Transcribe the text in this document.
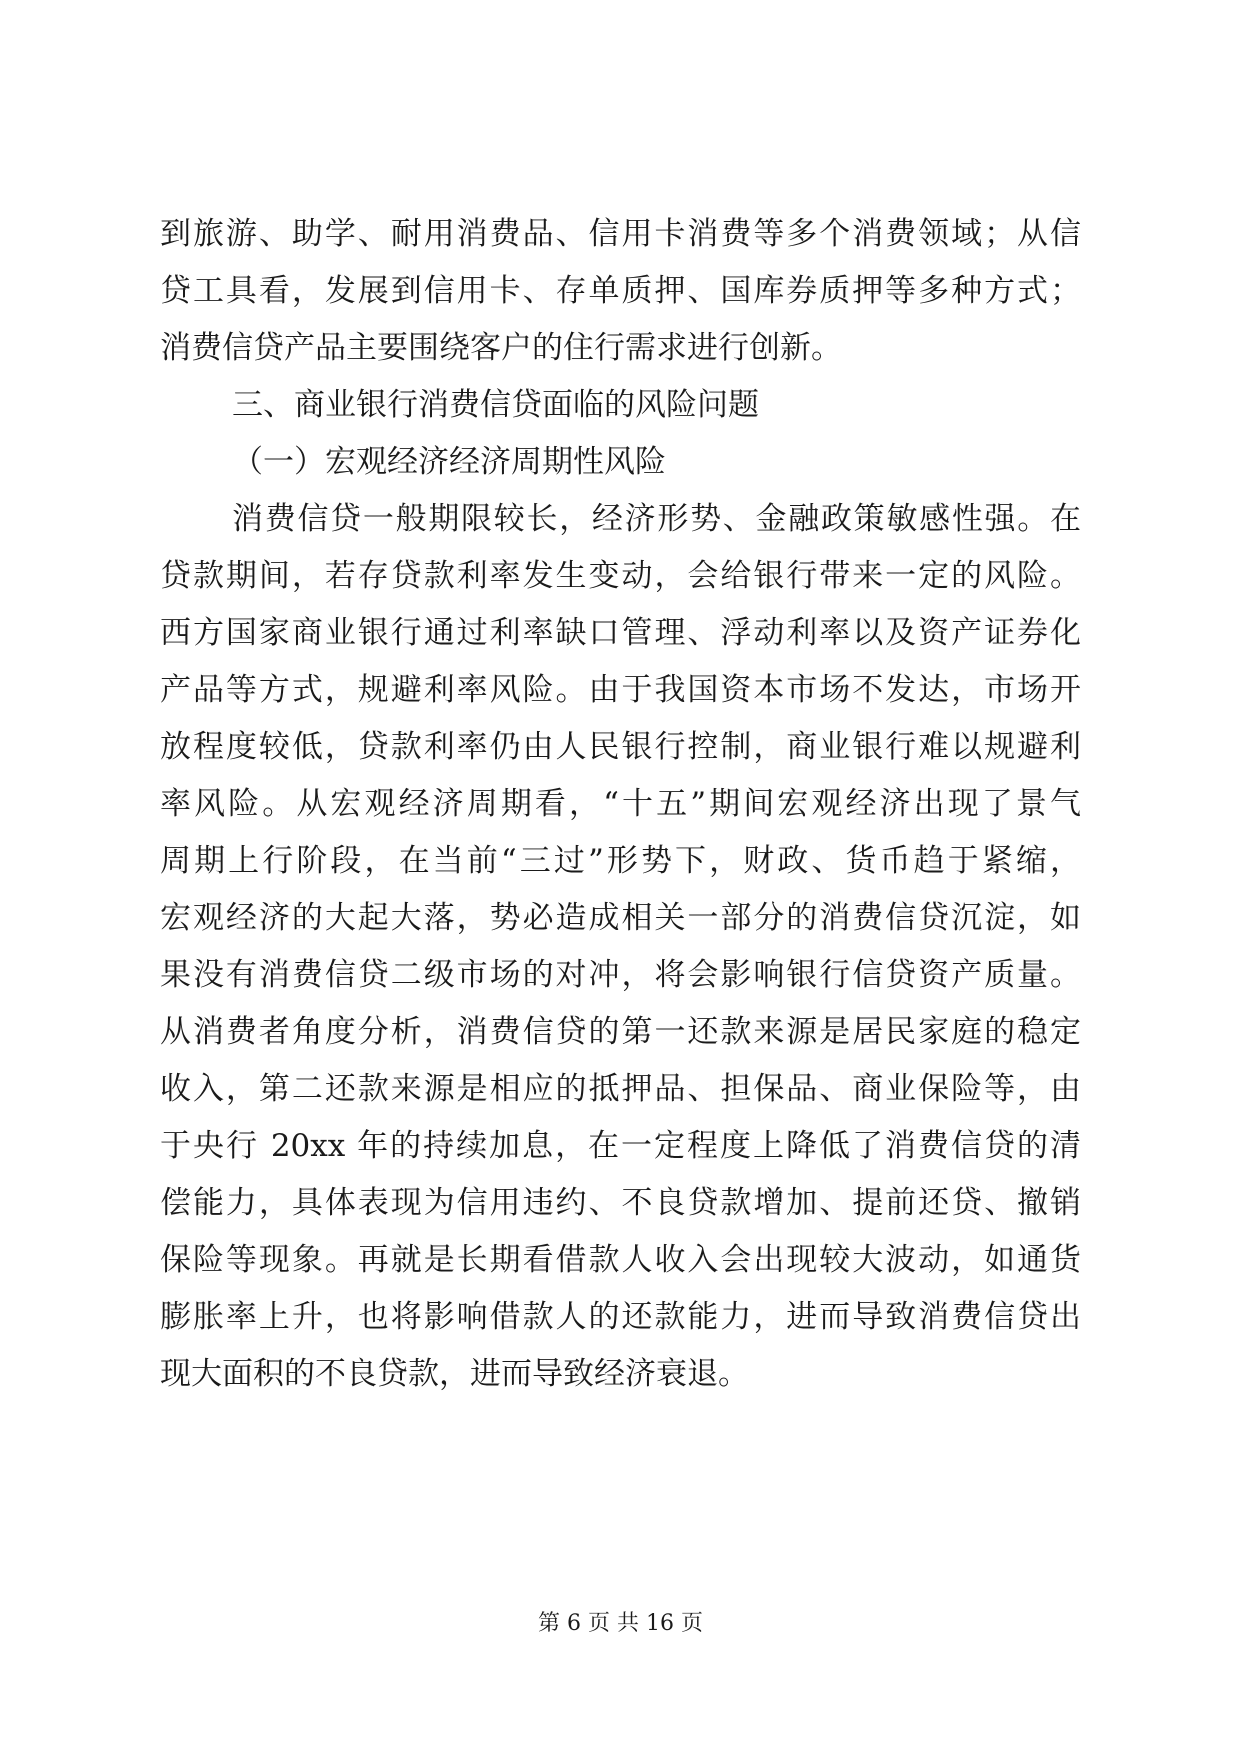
到旅游、助学、耐用消费品、信用卡消费等多个消费领域；从信
贷工具看，发展到信用卡、存单质押、国库券质押等多种方式；
消费信贷产品主要围绕客户的住行需求进行创新。
三、商业银行消费信贷面临的风险问题
（一）宏观经济经济周期性风险
消费信贷一般期限较长，经济形势、金融政策敏感性强。在
贷款期间，若存贷款利率发生变动，会给银行带来一定的风险。
西方国家商业银行通过利率缺口管理、浮动利率以及资产证券化
产品等方式，规避利率风险。由于我国资本市场不发达，市场开
放程度较低，贷款利率仍由人民银行控制，商业银行难以规避利
率风险。从宏观经济周期看，“十五”期间宏观经济出现了景气
周期上行阶段，在当前“三过”形势下，财政、货币趋于紧缩，
宏观经济的大起大落，势必造成相关一部分的消费信贷沉淀，如
果没有消费信贷二级市场的对冲，将会影响银行信贷资产质量。
从消费者角度分析，消费信贷的第一还款来源是居民家庭的稳定
收入，第二还款来源是相应的抵押品、担保品、商业保险等，由
于央行 20xx 年的持续加息，在一定程度上降低了消费信贷的清
偿能力，具体表现为信用违约、不良贷款增加、提前还贷、撤销
保险等现象。再就是长期看借款人收入会出现较大波动，如通货
膨胀率上升，也将影响借款人的还款能力，进而导致消费信贷出
现大面积的不良贷款，进而导致经济衰退。
第 6 页 共 16 页
